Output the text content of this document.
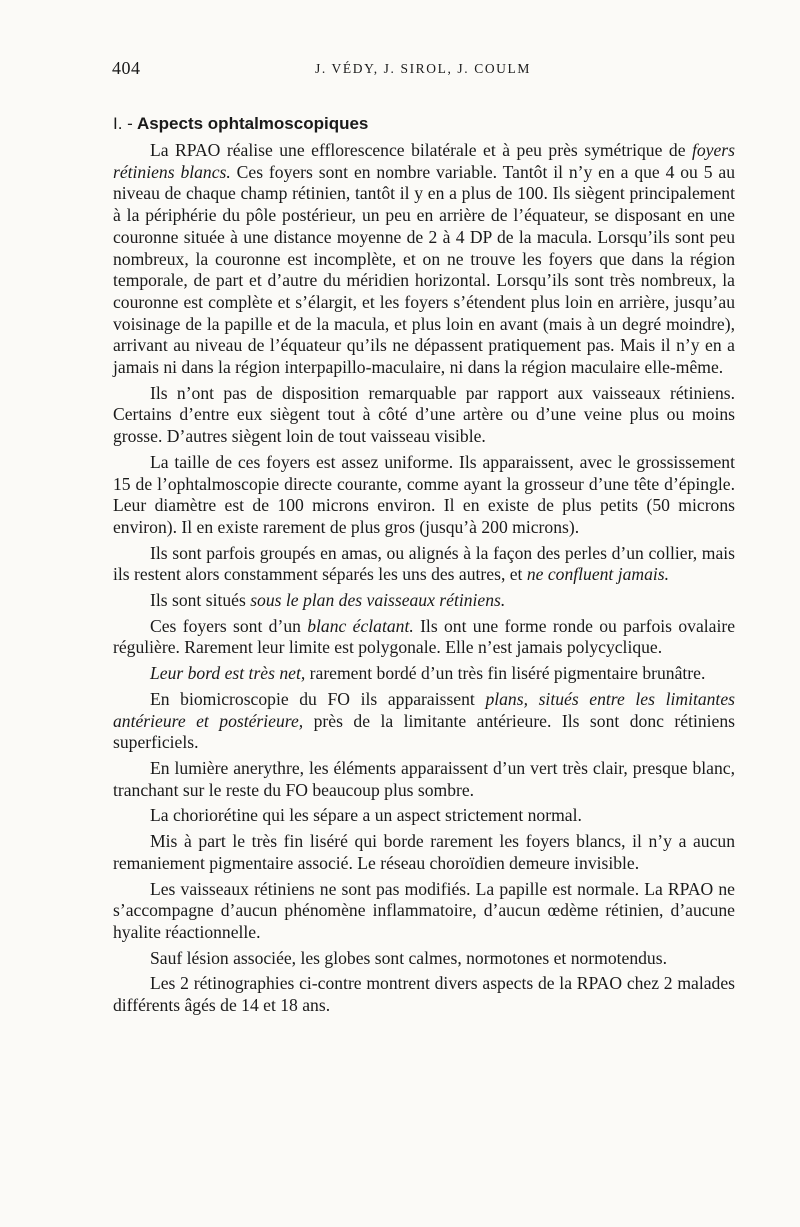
404	J. VÉDY, J. SIROL, J. COULM
I. - Aspects ophtalmoscopiques

La RPAO réalise une efflorescence bilatérale et à peu près symétrique de foyers rétiniens blancs. Ces foyers sont en nombre variable. Tantôt il n’y en a que 4 ou 5 au niveau de chaque champ rétinien, tantôt il y en a plus de 100. Ils siègent principalement à la périphérie du pôle postérieur, un peu en arrière de l’équateur, se disposant en une couronne située à une distance moyenne de 2 à 4 DP de la macula. Lorsqu’ils sont peu nombreux, la couronne est incomplète, et on ne trouve les foyers que dans la région temporale, de part et d’autre du méridien horizontal. Lorsqu’ils sont très nombreux, la couronne est complète et s’élargit, et les foyers s’étendent plus loin en arrière, jusqu’au voisinage de la papille et de la macula, et plus loin en avant (mais à un degré moindre), arrivant au niveau de l’équateur qu’ils ne dépassent pratiquement pas. Mais il n’y en a jamais ni dans la région interpapillo-maculaire, ni dans la région maculaire elle-même.

Ils n’ont pas de disposition remarquable par rapport aux vaisseaux rétiniens. Certains d’entre eux siègent tout à côté d’une artère ou d’une veine plus ou moins grosse. D’autres siègent loin de tout vaisseau visible.

La taille de ces foyers est assez uniforme. Ils apparaissent, avec le grossissement 15 de l’ophtalmoscopie directe courante, comme ayant la grosseur d’une tête d’épingle. Leur diamètre est de 100 microns environ. Il en existe de plus petits (50 microns environ). Il en existe rarement de plus gros (jusqu’à 200 microns).

Ils sont parfois groupés en amas, ou alignés à la façon des perles d’un collier, mais ils restent alors constamment séparés les uns des autres, et ne confluent jamais.

Ils sont situés sous le plan des vaisseaux rétiniens.

Ces foyers sont d’un blanc éclatant. Ils ont une forme ronde ou parfois ovalaire régulière. Rarement leur limite est polygonale. Elle n’est jamais polycyclique.

Leur bord est très net, rarement bordé d’un très fin liséré pigmentaire brunâtre.

En biomicroscopie du FO ils apparaissent plans, situés entre les limitantes antérieure et postérieure, près de la limitante antérieure. Ils sont donc rétiniens superficiels.

En lumière anerythre, les éléments apparaissent d’un vert très clair, presque blanc, tranchant sur le reste du FO beaucoup plus sombre.

La choriorétine qui les sépare a un aspect strictement normal.

Mis à part le très fin liséré qui borde rarement les foyers blancs, il n’y a aucun remaniement pigmentaire associé. Le réseau choroïdien demeure invisible.

Les vaisseaux rétiniens ne sont pas modifiés. La papille est normale. La RPAO ne s’accompagne d’aucun phénomène inflammatoire, d’aucun œdème rétinien, d’aucune hyalite réactionnelle.

Sauf lésion associée, les globes sont calmes, normotones et normotendus.

Les 2 rétinographies ci-contre montrent divers aspects de la RPAO chez 2 malades différents âgés de 14 et 18 ans.
